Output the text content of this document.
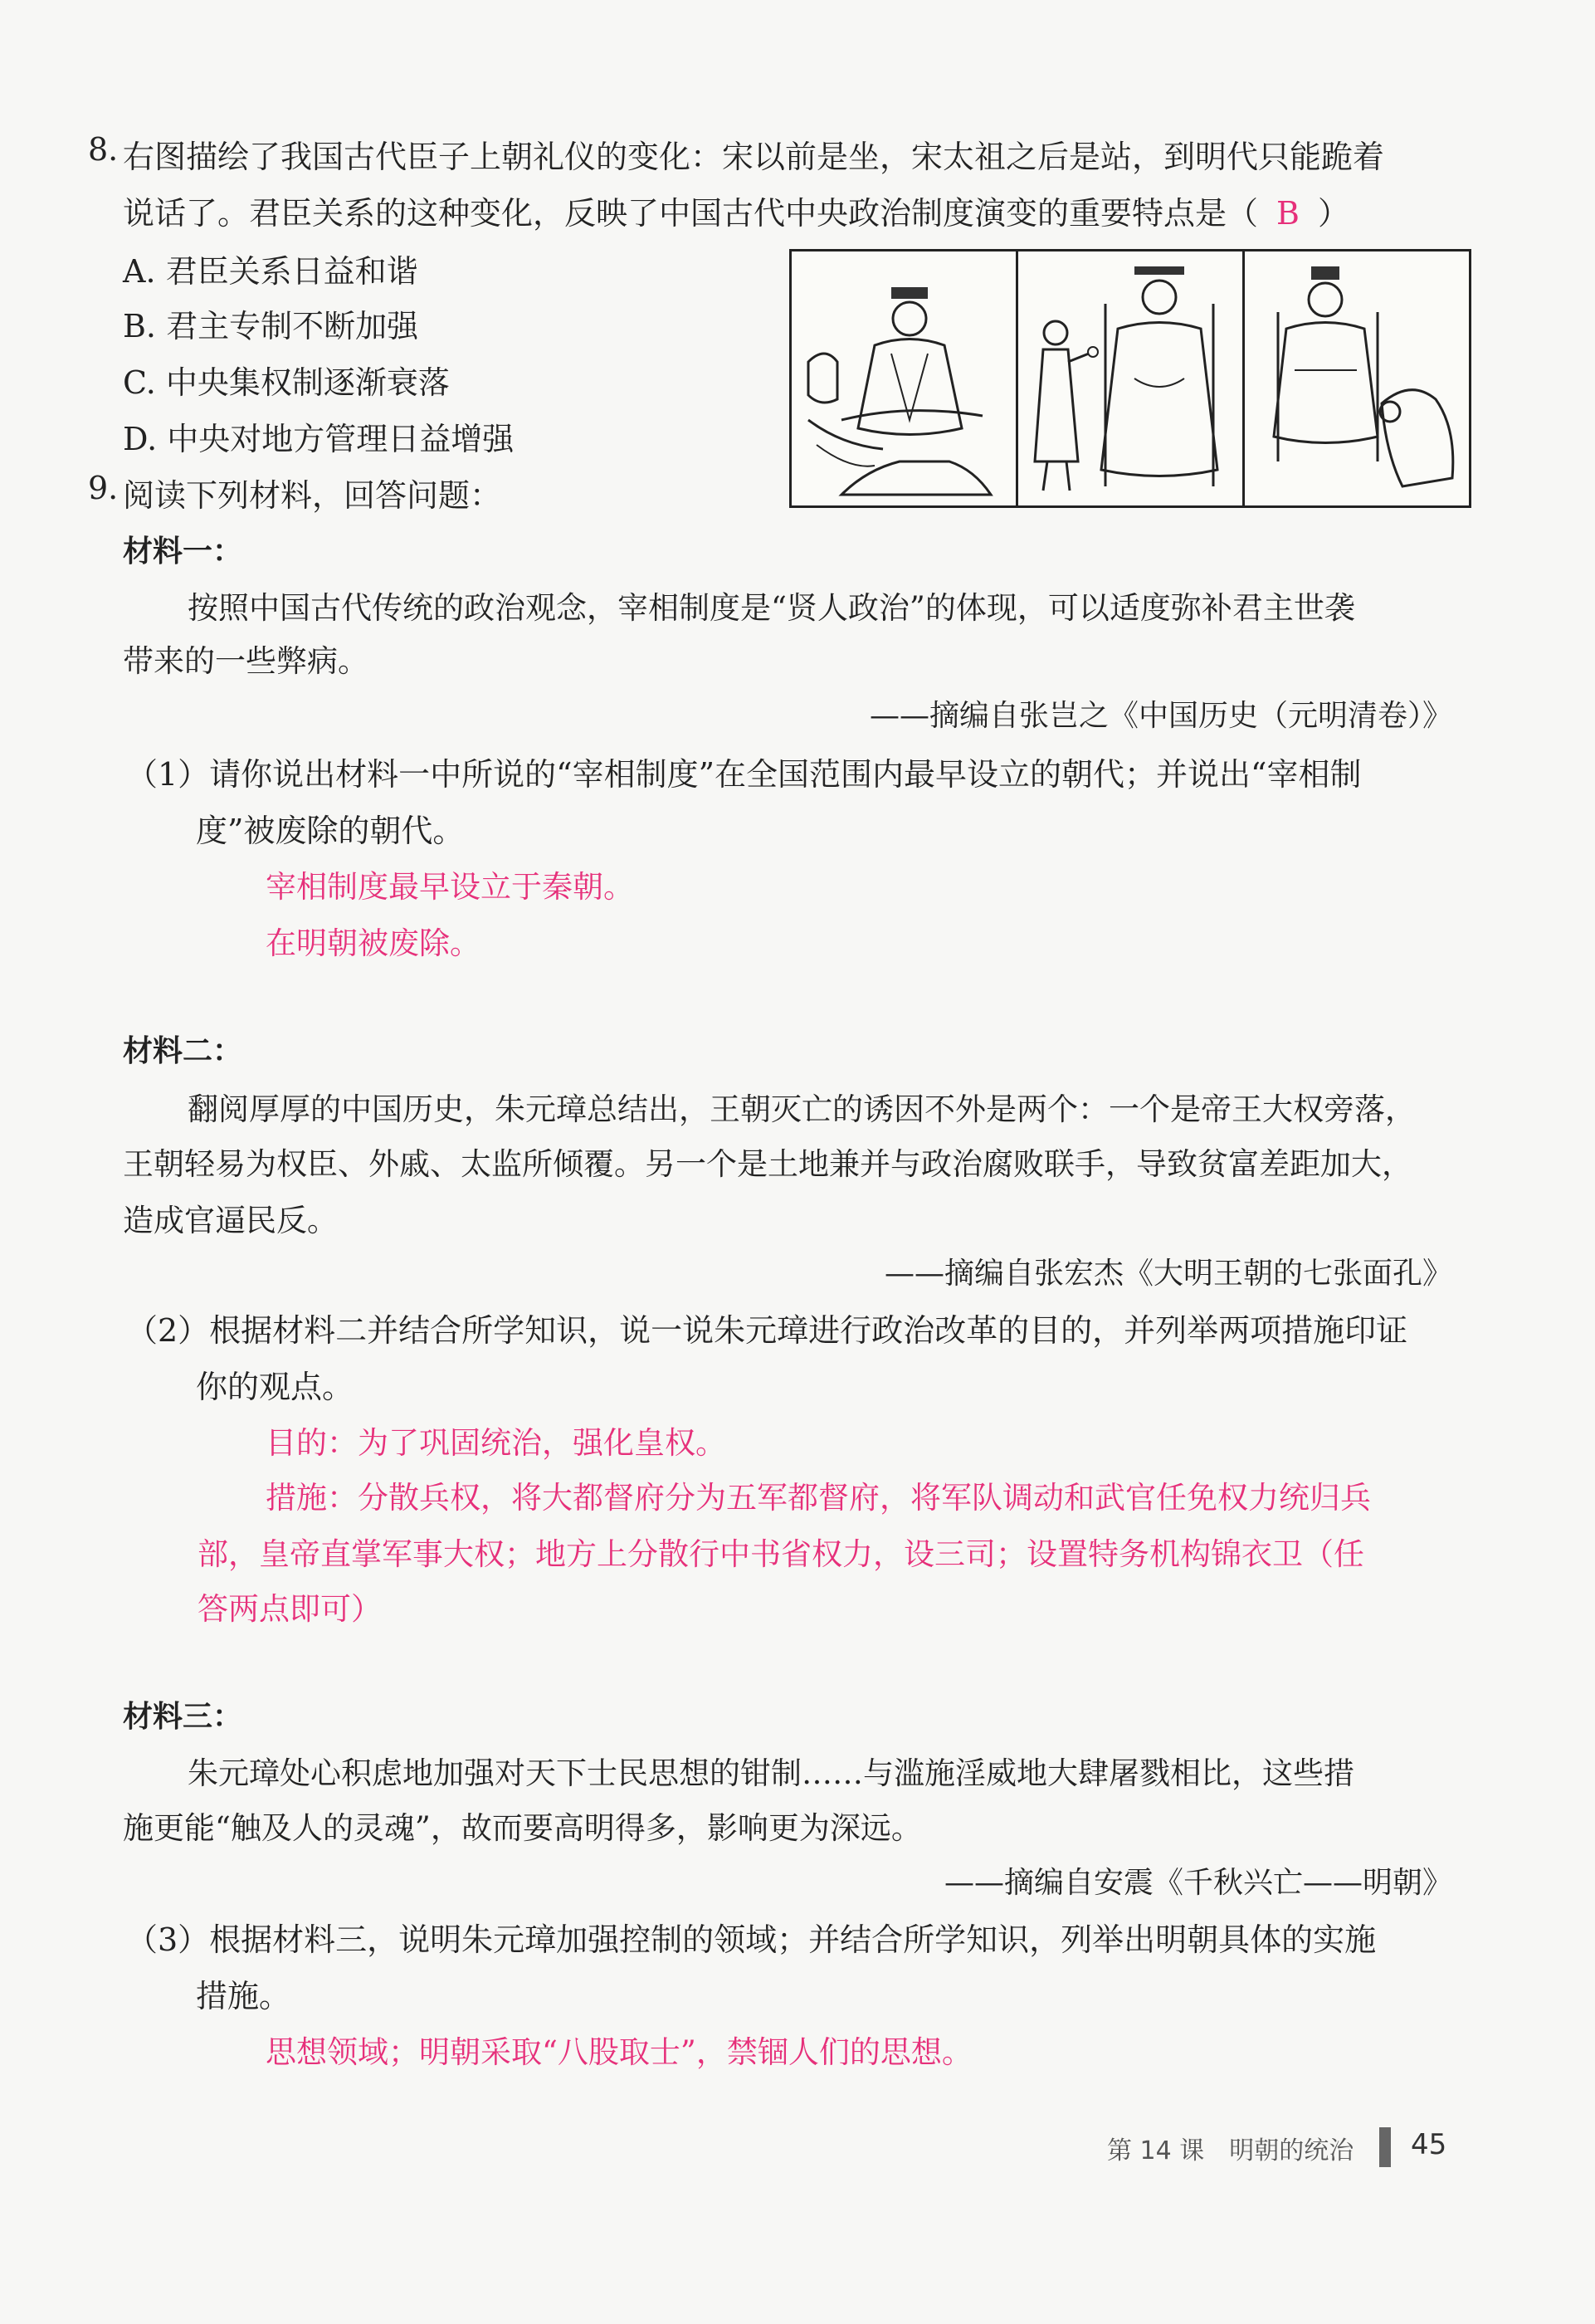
8. 右图描绘了我国古代臣子上朝礼仪的变化：宋以前是坐，宋太祖之后是站，到明代只能跪着
说话了。君臣关系的这种变化，反映了中国古代中央政治制度演变的重要特点是（ B ）
A. 君臣关系日益和谐
B. 君主专制不断加强
C. 中央集权制逐渐衰落
D. 中央对地方管理日益增强
9. 阅读下列材料，回答问题：
材料一：
按照中国古代传统的政治观念，宰相制度是“贤人政治”的体现，可以适度弥补君主世袭
带来的一些弊病。
——摘编自张岂之《中国历史（元明清卷）》
（1）请你说出材料一中所说的“宰相制度”在全国范围内最早设立的朝代；并说出“宰相制
度”被废除的朝代。
宰相制度最早设立于秦朝。
在明朝被废除。
材料二：
翻阅厚厚的中国历史，朱元璋总结出，王朝灭亡的诱因不外是两个：一个是帝王大权旁落，
王朝轻易为权臣、外戚、太监所倾覆。另一个是土地兼并与政治腐败联手，导致贫富差距加大，
造成官逼民反。
——摘编自张宏杰《大明王朝的七张面孔》
（2）根据材料二并结合所学知识，说一说朱元璋进行政治改革的目的，并列举两项措施印证
你的观点。
目的：为了巩固统治，强化皇权。
措施：分散兵权，将大都督府分为五军都督府，将军队调动和武官任免权力统归兵
部，皇帝直掌军事大权；地方上分散行中书省权力，设三司；设置特务机构锦衣卫（任
答两点即可）
材料三：
朱元璋处心积虑地加强对天下士民思想的钳制……与滥施淫威地大肆屠戮相比，这些措
施更能“触及人的灵魂”，故而要高明得多，影响更为深远。
——摘编自安震《千秋兴亡——明朝》
（3）根据材料三，说明朱元璋加强控制的领域；并结合所学知识，列举出明朝具体的实施
措施。
思想领域；明朝采取“八股取士”，禁锢人们的思想。
第 14 课　明朝的统治 45
